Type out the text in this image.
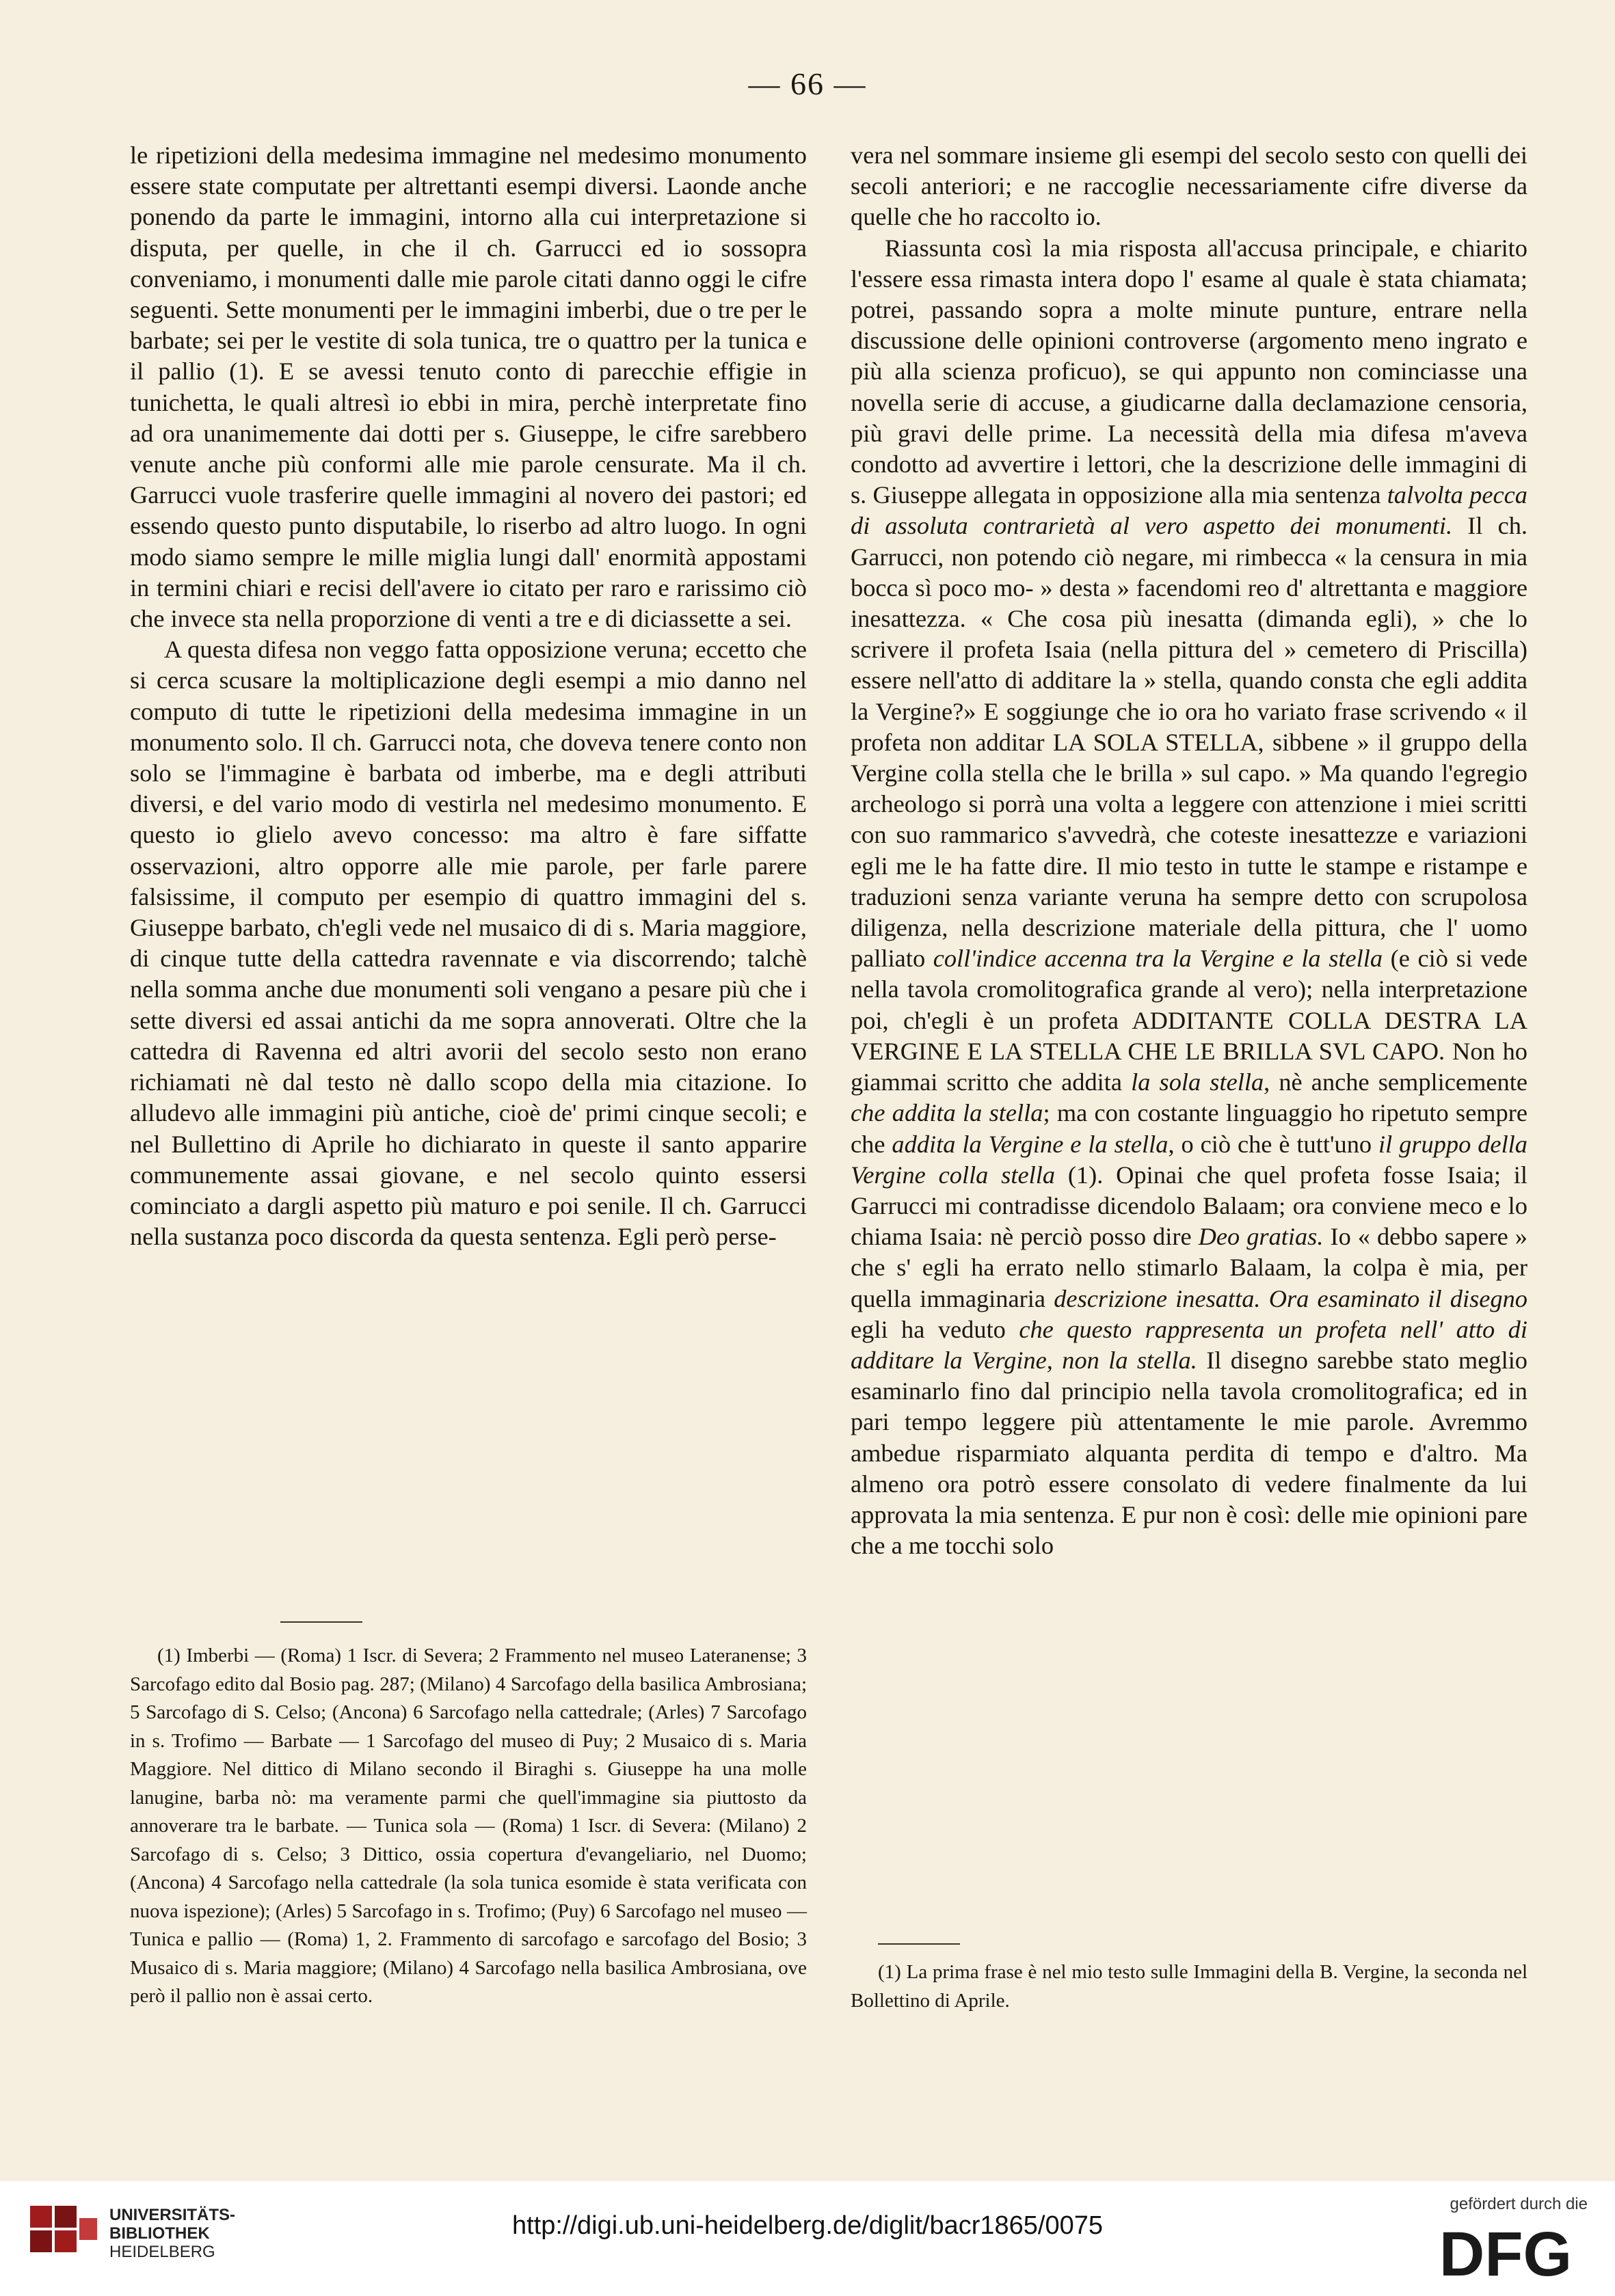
— 66 —

le ripetizioni della medesima immagine nel medesimo monumento essere state computate per altrettanti esempi diversi. Laonde anche ponendo da parte le immagini, intorno alla cui interpretazione si disputa, per quelle, in che il ch. Garrucci ed io sossopra conveniamo, i monumenti dalle mie parole citati danno oggi le cifre seguenti. Sette monumenti per le immagini imberbi, due o tre per le barbate; sei per le vestite di sola tunica, tre o quattro per la tunica e il pallio (1). E se avessi tenuto conto di parecchie effigie in tunichetta, le quali altresì io ebbi in mira, perchè interpretate fino ad ora unanimemente dai dotti per s. Giuseppe, le cifre sarebbero venute anche più conformi alle mie parole censurate. Ma il ch. Garrucci vuole trasferire quelle immagini al novero dei pastori; ed essendo questo punto disputabile, lo riserbo ad altro luogo. In ogni modo siamo sempre le mille miglia lungi dall' enormità appostami in termini chiari e recisi dell'avere io citato per raro e rarissimo ciò che invece sta nella proporzione di venti a tre e di diciassette a sei.

A questa difesa non veggo fatta opposizione veruna; eccetto che si cerca scusare la moltiplicazione degli esempi a mio danno nel computo di tutte le ripetizioni della medesima immagine in un monumento solo. Il ch. Garrucci nota, che doveva tenere conto non solo se l'immagine è barbata od imberbe, ma e degli attributi diversi, e del vario modo di vestirla nel medesimo monumento. E questo io glielo avevo concesso: ma altro è fare siffatte osservazioni, altro opporre alle mie parole, per farle parere falsissime, il computo per esempio di quattro immagini del s. Giuseppe barbato, ch'egli vede nel musaico di di s. Maria maggiore, di cinque tutte della cattedra ravennate e via discorrendo; talchè nella somma anche due monumenti soli vengano a pesare più che i sette diversi ed assai antichi da me sopra annoverati. Oltre che la cattedra di Ravenna ed altri avorii del secolo sesto non erano richiamati nè dal testo nè dallo scopo della mia citazione. Io alludevo alle immagini più antiche, cioè de' primi cinque secoli; e nel Bullettino di Aprile ho dichiarato in queste il santo apparire communemente assai giovane, e nel secolo quinto essersi cominciato a dargli aspetto più maturo e poi senile. Il ch. Garrucci nella sustanza poco discorda da questa sentenza. Egli però perse-

vera nel sommare insieme gli esempi del secolo sesto con quelli dei secoli anteriori; e ne raccoglie necessariamente cifre diverse da quelle che ho raccolto io.

Riassunta così la mia risposta all'accusa principale, e chiarito l'essere essa rimasta intera dopo l' esame al quale è stata chiamata; potrei, passando sopra a molte minute punture, entrare nella discussione delle opinioni controverse (argomento meno ingrato e più alla scienza proficuo), se qui appunto non cominciasse una novella serie di accuse, a giudicarne dalla declamazione censoria, più gravi delle prime. La necessità della mia difesa m'aveva condotto ad avvertire i lettori, che la descrizione delle immagini di s. Giuseppe allegata in opposizione alla mia sentenza talvolta pecca di assoluta contrarietà al vero aspetto dei monumenti. Il ch. Garrucci, non potendo ciò negare, mi rimbecca « la censura in mia bocca sì poco mo- » desta » facendomi reo d' altrettanta e maggiore inesattezza. « Che cosa più inesatta (dimanda egli), » che lo scrivere il profeta Isaia (nella pittura del » cemetero di Priscilla) essere nell'atto di additare la » stella, quando consta che egli addita la Vergine?» E soggiunge che io ora ho variato frase scrivendo « il profeta non additar LA SOLA STELLA, sibbene » il gruppo della Vergine colla stella che le brilla » sul capo. » Ma quando l'egregio archeologo si porrà una volta a leggere con attenzione i miei scritti con suo rammarico s'avvedrà, che coteste inesattezze e variazioni egli me le ha fatte dire. Il mio testo in tutte le stampe e ristampe e traduzioni senza variante veruna ha sempre detto con scrupolosa diligenza, nella descrizione materiale della pittura, che l' uomo palliato coll'indice accenna tra la Vergine e la stella (e ciò si vede nella tavola cromolitografica grande al vero); nella interpretazione poi, ch'egli è un profeta ADDITANTE COLLA DESTRA LA VERGINE E LA STELLA CHE LE BRILLA SVL CAPO. Non ho giammai scritto che addita la sola stella, nè anche semplicemente che addita la stella; ma con costante linguaggio ho ripetuto sempre che addita la Vergine e la stella, o ciò che è tutt'uno il gruppo della Vergine colla stella (1). Opinai che quel profeta fosse Isaia; il Garrucci mi contradisse dicendolo Balaam; ora conviene meco e lo chiama Isaia: nè perciò posso dire Deo gratias. Io « debbo sapere » che s' egli ha errato nello stimarlo Balaam, la colpa è mia, per quella immaginaria descrizione inesatta. Ora esaminato il disegno egli ha veduto che questo rappresenta un profeta nell' atto di additare la Vergine, non la stella. Il disegno sarebbe stato meglio esaminarlo fino dal principio nella tavola cromolitografica; ed in pari tempo leggere più attentamente le mie parole. Avremmo ambedue risparmiato alquanta perdita di tempo e d'altro. Ma almeno ora potrò essere consolato di vedere finalmente da lui approvata la mia sentenza. E pur non è così: delle mie opinioni pare che a me tocchi solo

(1) Imberbi — (Roma) 1 Iscr. di Severa; 2 Frammento nel museo Lateranense; 3 Sarcofago edito dal Bosio pag. 287; (Milano) 4 Sarcofago della basilica Ambrosiana; 5 Sarcofago di S. Celso; (Ancona) 6 Sarcofago nella cattedrale; (Arles) 7 Sarcofago in s. Trofimo — Barbate — 1 Sarcofago del museo di Puy; 2 Musaico di s. Maria Maggiore. Nel dittico di Milano secondo il Biraghi s. Giuseppe ha una molle lanugine, barba nò: ma veramente parmi che quell'immagine sia piuttosto da annoverare tra le barbate. — Tunica sola — (Roma) 1 Iscr. di Severa: (Milano) 2 Sarcofago di s. Celso; 3 Dittico, ossia copertura d'evangeliario, nel Duomo; (Ancona) 4 Sarcofago nella cattedrale (la sola tunica esomide è stata verificata con nuova ispezione); (Arles) 5 Sarcofago in s. Trofimo; (Puy) 6 Sarcofago nel museo — Tunica e pallio — (Roma) 1, 2. Frammento di sarcofago e sarcofago del Bosio; 3 Musaico di s. Maria maggiore; (Milano) 4 Sarcofago nella basilica Ambrosiana, ove però il pallio non è assai certo.

(1) La prima frase è nel mio testo sulle Immagini della B. Vergine, la seconda nel Bollettino di Aprile.

UNIVERSITÄTS-
BIBLIOTHEK
HEIDELBERG
http://digi.ub.uni-heidelberg.de/diglit/bacr1865/0075
gefördert durch die
DFG
